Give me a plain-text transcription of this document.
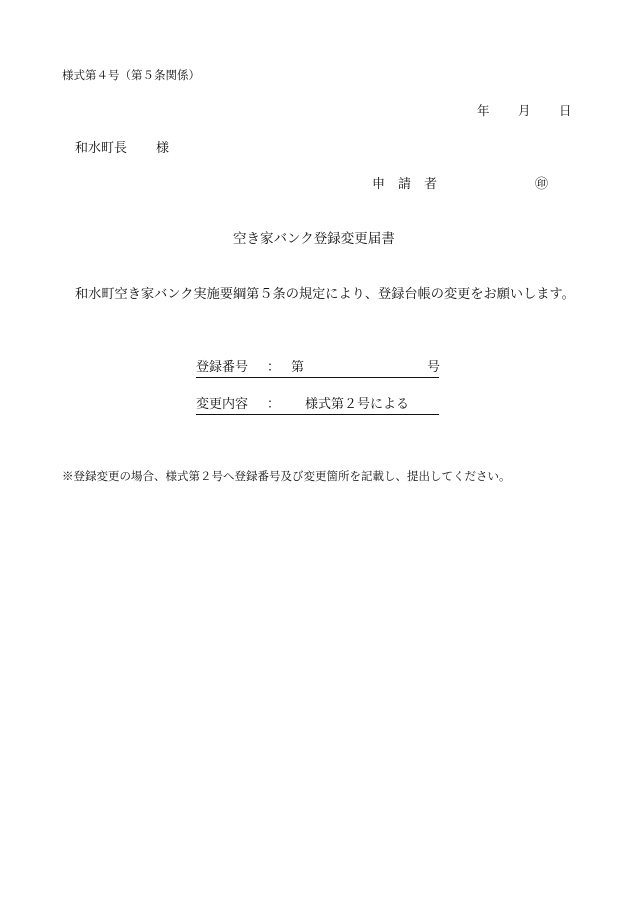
様式第４号（第５条関係）
年 月 日
和水町長 様
申　請　者	㊞
空き家バンク登録変更届書
和水町空き家バンク実施要綱第５条の規定により、登録台帳の変更をお願いします。
登録番号 ： 第	号
変更内容 ： 様式第２号による
※登録変更の場合、様式第２号へ登録番号及び変更箇所を記載し、提出してください。
